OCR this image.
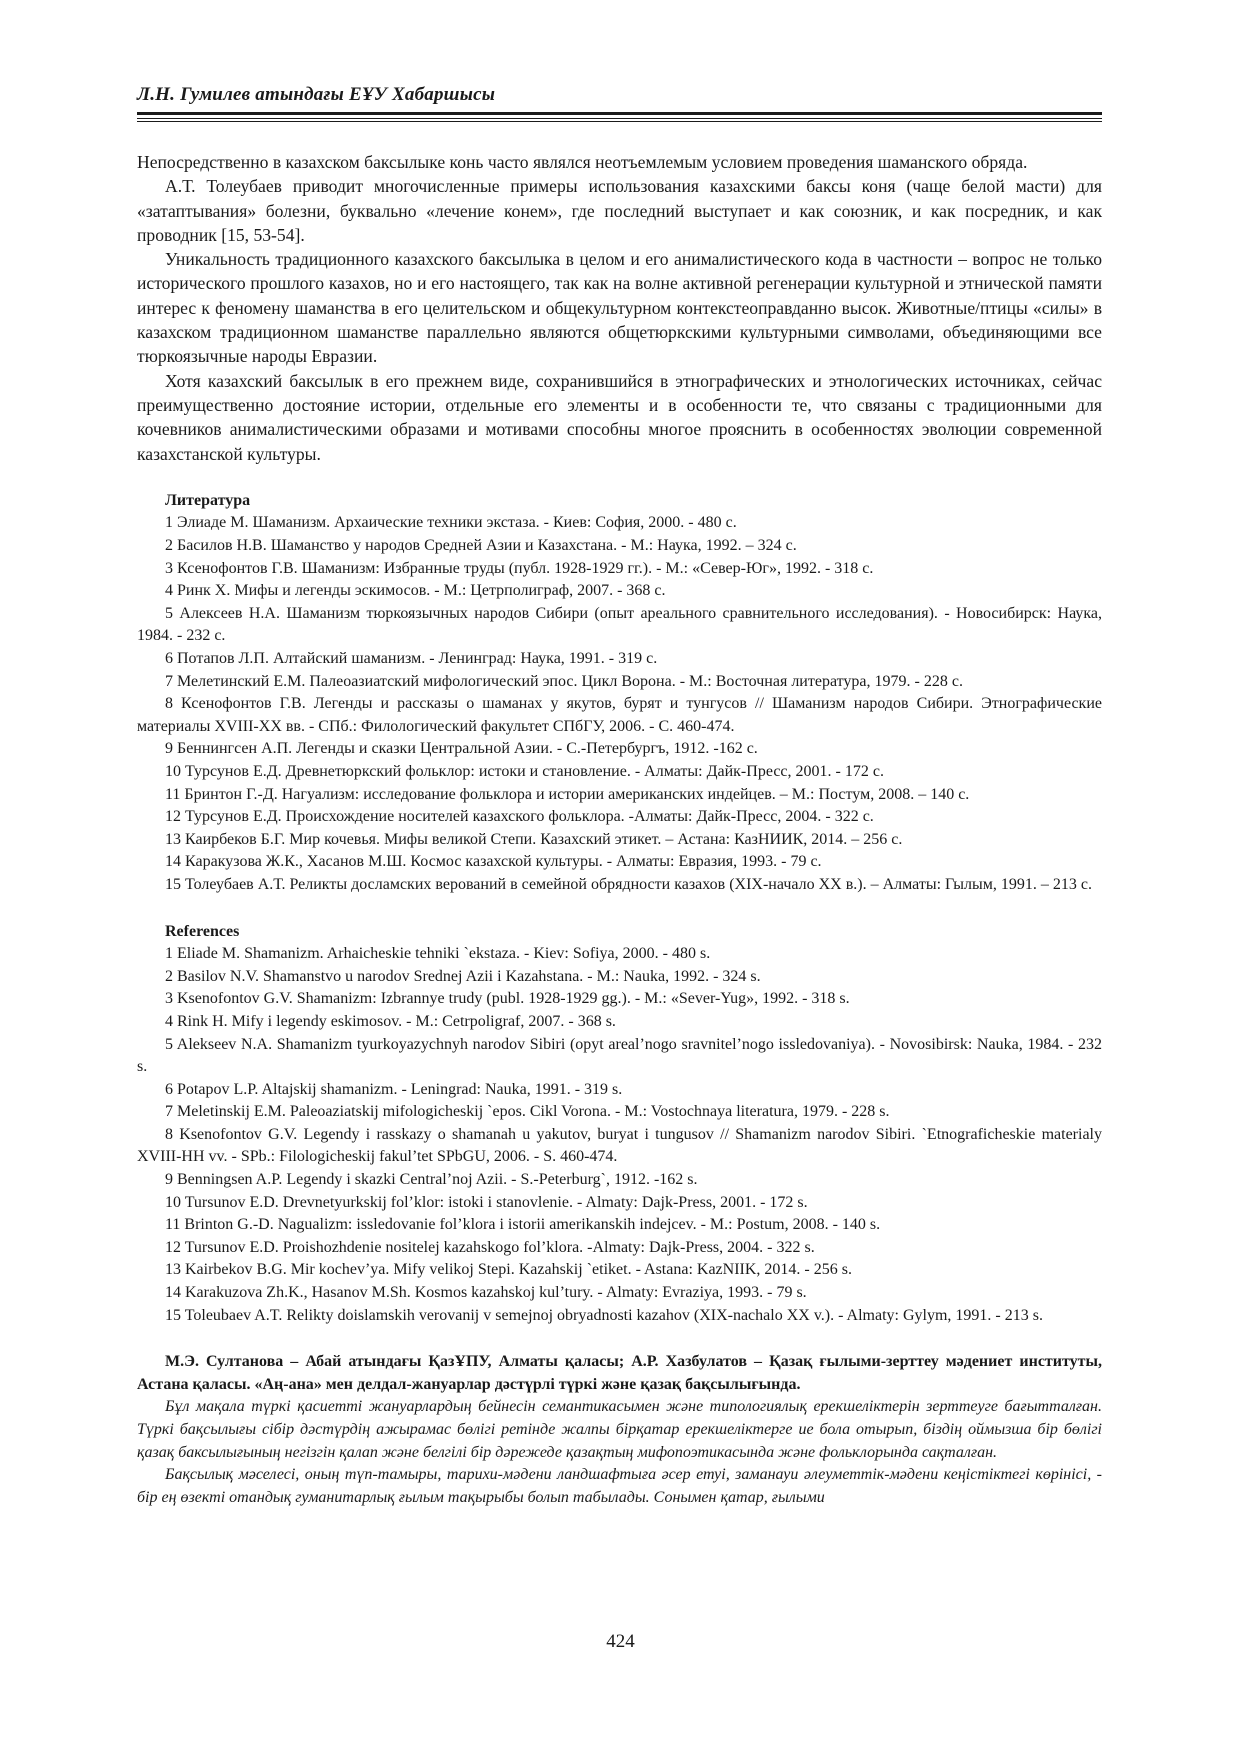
Л.Н. Гумилев атындағы ЕҰУ Хабаршысы

Непосредственно в казахском баксылыке конь часто являлся неотъемлемым условием проведения шаманского обряда.

А.Т. Толеубаев приводит многочисленные примеры использования казахскими баксы коня (чаще белой масти) для «затаптывания» болезни, буквально «лечение конем», где последний выступает и как союзник, и как посредник, и как проводник [15, 53-54].

Уникальность традиционного казахского баксылыка в целом и его анималистического кода в частности – вопрос не только исторического прошлого казахов, но и его настоящего, так как на волне активной регенерации культурной и этнической памяти интерес к феномену шаманства в его целительском и общекультурном контекстеоправданно высок. Животные/птицы «силы» в казахском традиционном шаманстве параллельно являются общетюркскими культурными символами, объединяющими все тюркоязычные народы Евразии.

Хотя казахский баксылык в его прежнем виде, сохранившийся в этнографических и этнологических источниках, сейчас преимущественно достояние истории, отдельные его элементы и в особенности те, что связаны с традиционными для кочевников анималистическими образами и мотивами способны многое прояснить в особенностях эволюции современной казахстанской культуры.

Литература

1 Элиаде М. Шаманизм. Архаические техники экстаза. - Киев: София, 2000. - 480 с.

2 Басилов Н.В. Шаманство у народов Средней Азии и Казахстана. - М.: Наука, 1992. – 324 с.

3 Ксенофонтов Г.В. Шаманизм: Избранные труды (публ. 1928-1929 гг.). - М.: «Север-Юг», 1992. - 318 с.

4 Ринк Х. Мифы и легенды эскимосов. - М.: Цетрполиграф, 2007. - 368 с.

5 Алексеев Н.А. Шаманизм тюркоязычных народов Сибири (опыт ареального сравнительного исследования). - Новосибирск: Наука, 1984. - 232 с.

6 Потапов Л.П. Алтайский шаманизм. - Ленинград: Наука, 1991. - 319 с.

7 Мелетинский Е.М. Палеоазиатский мифологический эпос. Цикл Ворона. - М.: Восточная литература, 1979. - 228 с.

8 Ксенофонтов Г.В. Легенды и рассказы о шаманах у якутов, бурят и тунгусов // Шаманизм народов Сибири. Этнографические материалы XVIII-XX вв. - СПб.: Филологический факультет СПбГУ, 2006. - С. 460-474.

9 Беннингсен А.П. Легенды и сказки Центральной Азии. - С.-Петербургъ, 1912. -162 с.

10 Турсунов Е.Д. Древнетюркский фольклор: истоки и становление. - Алматы: Дайк-Пресс, 2001. - 172 с.

11 Бринтон Г.-Д. Нагуализм: исследование фольклора и истории американских индейцев. – М.: Постум, 2008. – 140 с.

12 Турсунов Е.Д. Происхождение носителей казахского фольклора. -Алматы: Дайк-Пресс, 2004. - 322 с.

13 Каирбеков Б.Г. Мир кочевья. Мифы великой Степи. Казахский этикет. – Астана: КазНИИК, 2014. – 256 с.

14 Каракузова Ж.К., Хасанов М.Ш. Космос казахской культуры. - Алматы: Евразия, 1993. - 79 с.

15 Толеубаев А.Т. Реликты досламских верований в семейной обрядности казахов (XIX-начало XX в.). – Алматы: Гылым, 1991. – 213 с.

References

1 Eliade M. Shamanizm. Arhaicheskie tehniki `ekstaza. - Kiev: Sofiya, 2000. - 480 s.

2 Basilov N.V. Shamanstvo u narodov Srednej Azii i Kazahstana. - M.: Nauka, 1992. - 324 s.

3 Ksenofontov G.V. Shamanizm: Izbrannye trudy (publ. 1928-1929 gg.). - M.: «Sever-Yug», 1992. - 318 s.

4 Rink H. Mify i legendy eskimosov. - M.: Cetrpoligraf, 2007. - 368 s.

5 Alekseev N.A. Shamanizm tyurkoyazychnyh narodov Sibiri (opyt areal’nogo sravnitel’nogo issledovaniya). - Novosibirsk: Nauka, 1984. - 232 s.

6 Potapov L.P. Altajskij shamanizm. - Leningrad: Nauka, 1991. - 319 s.

7 Meletinskij E.M. Paleoaziatskij mifologicheskij `epos. Cikl Vorona. - M.: Vostochnaya literatura, 1979. - 228 s.

8 Ksenofontov G.V. Legendy i rasskazy o shamanah u yakutov, buryat i tungusov // Shamanizm narodov Sibiri. `Etnograficheskie materialy XVIII-HH vv. - SPb.: Filologicheskij fakul’tet SPbGU, 2006. - S. 460-474.

9 Benningsen A.P. Legendy i skazki Central’noj Azii. - S.-Peterburg`, 1912. -162 s.

10 Tursunov E.D. Drevnetyurkskij fol’klor: istoki i stanovlenie. - Almaty: Dajk-Press, 2001. - 172 s.

11 Brinton G.-D. Nagualizm: issledovanie fol’klora i istorii amerikanskih indejcev. - M.: Postum, 2008. - 140 s.

12 Tursunov E.D. Proishozhdenie nositelej kazahskogo fol’klora. -Almaty: Dajk-Press, 2004. - 322 s.

13 Kairbekov B.G. Mir kochev’ya. Mify velikoj Stepi. Kazahskij `etiket. - Astana: KazNIIK, 2014. - 256 s.

14 Karakuzova Zh.K., Hasanov M.Sh. Kosmos kazahskoj kul’tury. - Almaty: Evraziya, 1993. - 79 s.

15 Toleubaev A.T. Relikty doislamskih verovanij v semejnoj obryadnosti kazahov (XIX-nachalo XX v.). - Almaty: Gylym, 1991. - 213 s.

М.Э. Султанова – Абай атындағы ҚазҰПУ, Алматы қаласы; А.Р. Хазбулатов – Қазақ ғылыми-зерттеу мәдениет институты, Астана қаласы. «Аң-ана» мен делдал-жануарлар дәстүрлі түркі және қазақ бақсылығында.

Бұл мақала түркі қасиетті жануарлардың бейнесін семантикасымен және типологиялық ерекшеліктерін зерттеуге бағытталған. Түркі бақсылығы сібір дәстүрдің ажырамас бөлігі ретінде жалпы бірқатар ерекшеліктерге ие бола отырып, біздің оймызша бір бөлігі қазақ баксылығының негізгін қалап және белгілі бір дәрежеде қазақтың мифопоэтикасында және фольклорында сақталған.

Бақсылық мәселесі, оның түп-тамыры, тарихи-мәдени ландшафтыға әсер етуі, заманауи әлеуметтік-мәдени кеңістіктегі көрінісі, - бір ең өзекті отандық гуманитарлық ғылым тақырыбы болып табылады. Сонымен қатар, ғылыми

424
